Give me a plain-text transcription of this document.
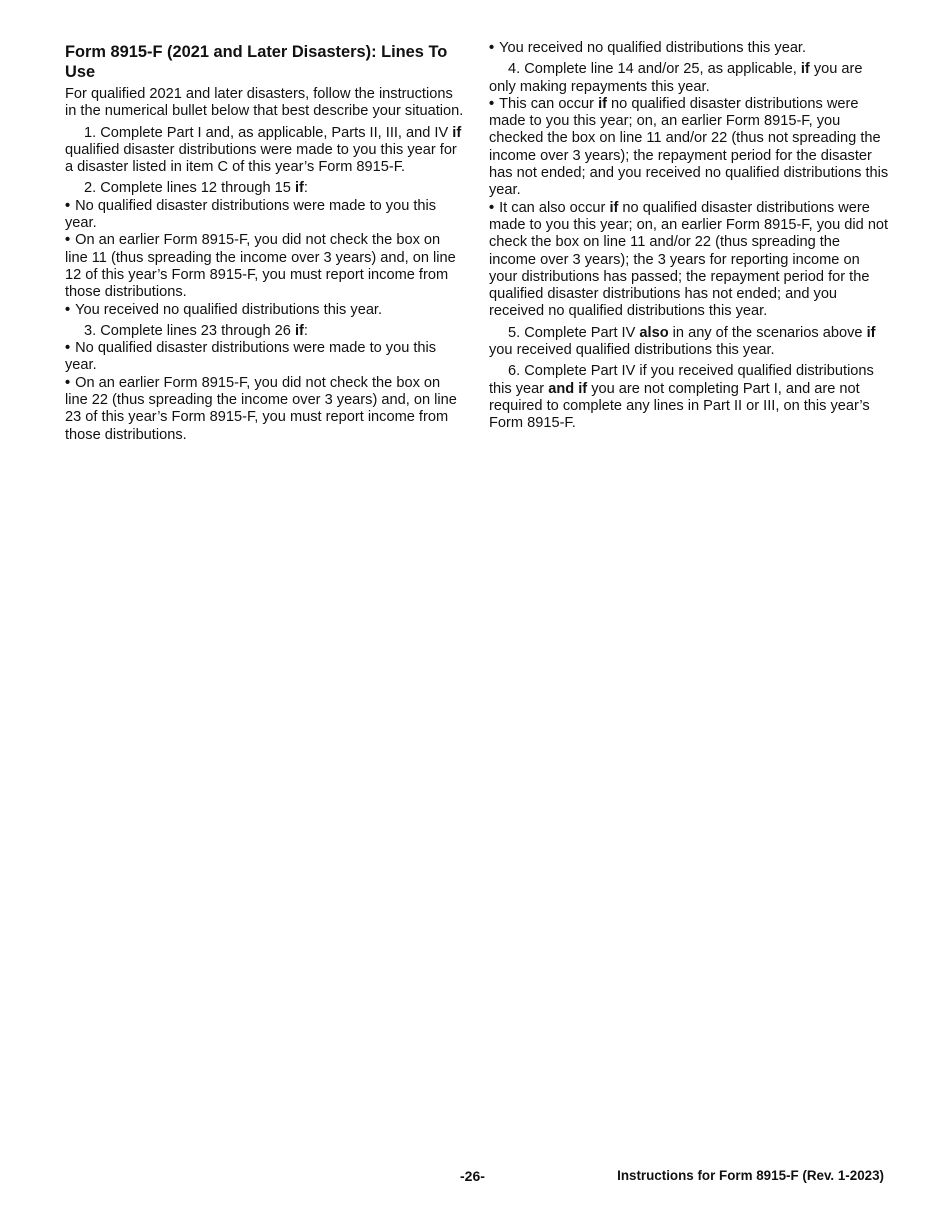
Form 8915-F (2021 and Later Disasters): Lines To Use

For qualified 2021 and later disasters, follow the instructions in the numerical bullet below that best describe your situation.

1. Complete Part I and, as applicable, Parts II, III, and IV if qualified disaster distributions were made to you this year for a disaster listed in item C of this year’s Form 8915-F.

2. Complete lines 12 through 15 if:

• No qualified disaster distributions were made to you this year.

• On an earlier Form 8915-F, you did not check the box on line 11 (thus spreading the income over 3 years) and, on line 12 of this year’s Form 8915-F, you must report income from those distributions.

• You received no qualified distributions this year.

3. Complete lines 23 through 26 if:

• No qualified disaster distributions were made to you this year.

• On an earlier Form 8915-F, you did not check the box on line 22 (thus spreading the income over 3 years) and, on line 23 of this year’s Form 8915-F, you must report income from those distributions.

• You received no qualified distributions this year.

4. Complete line 14 and/or 25, as applicable, if you are only making repayments this year.

• This can occur if no qualified disaster distributions were made to you this year; on, an earlier Form 8915-F, you checked the box on line 11 and/or 22 (thus not spreading the income over 3 years); the repayment period for the disaster has not ended; and you received no qualified distributions this year.

• It can also occur if no qualified disaster distributions were made to you this year; on, an earlier Form 8915-F, you did not check the box on line 11 and/or 22 (thus spreading the income over 3 years); the 3 years for reporting income on your distributions has passed; the repayment period for the qualified disaster distributions has not ended; and you received no qualified distributions this year.

5. Complete Part IV also in any of the scenarios above if you received qualified distributions this year.

6. Complete Part IV if you received qualified distributions this year and if you are not completing Part I, and are not required to complete any lines in Part II or III, on this year’s Form 8915-F.

-26-	Instructions for Form 8915-F (Rev. 1-2023)
